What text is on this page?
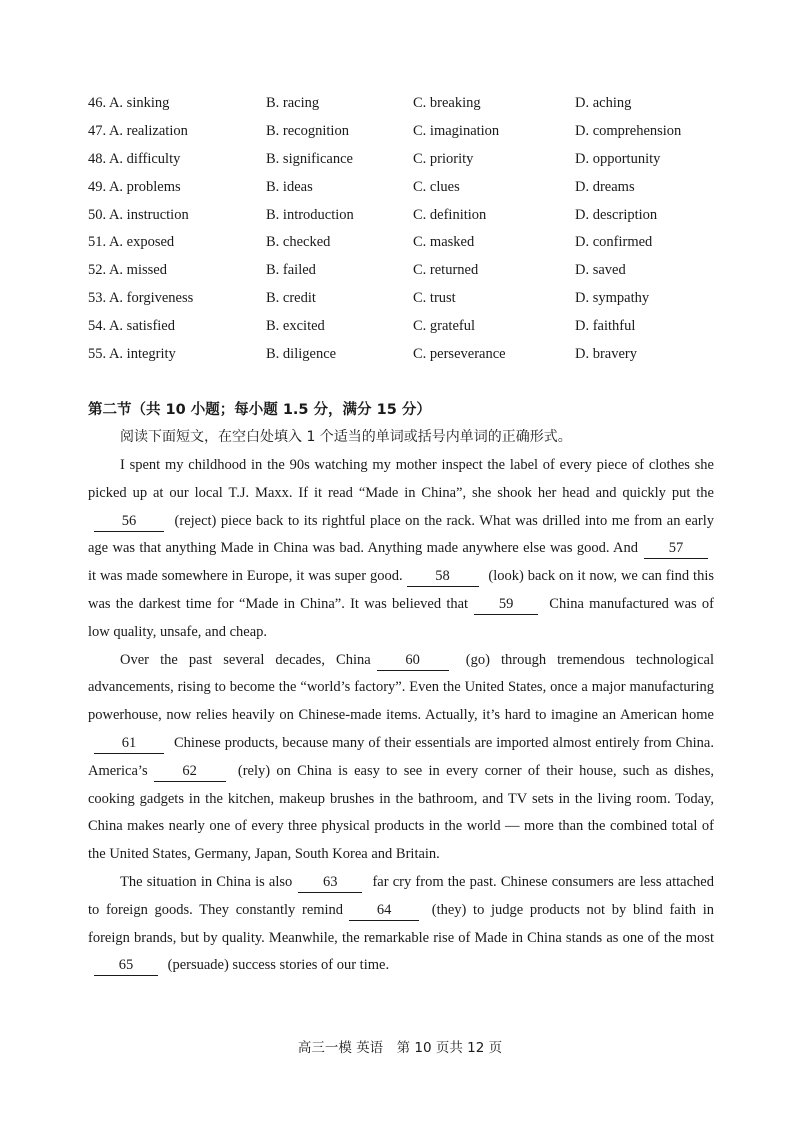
46. A. sinking	B. racing	C. breaking	D. aching
47. A. realization	B. recognition	C. imagination	D. comprehension
48. A. difficulty	B. significance	C. priority	D. opportunity
49. A. problems	B. ideas	C. clues	D. dreams
50. A. instruction	B. introduction	C. definition	D. description
51. A. exposed	B. checked	C. masked	D. confirmed
52. A. missed	B. failed	C. returned	D. saved
53. A. forgiveness	B. credit	C. trust	D. sympathy
54. A. satisfied	B. excited	C. grateful	D. faithful
55. A. integrity	B. diligence	C. perseverance	D. bravery
第二节（共 10 小题；每小题 1.5 分，满分 15 分）
阅读下面短文，在空白处填入 1 个适当的单词或括号内单词的正确形式。

I spent my childhood in the 90s watching my mother inspect the label of every piece of clothes she picked up at our local T.J. Maxx. If it read “Made in China”, she shook her head and quickly put the56 (reject) piece back to its rightful place on the rack. What was drilled into me from an early age was that anything Made in China was bad. Anything made anywhere else was good. And 57 it was made somewhere in Europe, it was super good. 58 (look) back on it now, we can find this was the darkest time for “Made in China”. It was believed that 59 China manufactured was of low quality, unsafe, and cheap.

Over the past several decades, China 60 (go) through tremendous technological advancements, rising to become the “world’s factory”. Even the United States, once a major manufacturing powerhouse, now relies heavily on Chinese-made items. Actually, it’s hard to imagine an American home61 Chinese products, because many of their essentials are imported almost entirely from China. America’s 62 (rely) on China is easy to see in every corner of their house, such as dishes, cooking gadgets in the kitchen, makeup brushes in the bathroom, and TV sets in the living room. Today, China makes nearly one of every three physical products in the world — more than the combined total of the United States, Germany, Japan, South Korea and Britain.

The situation in China is also 63 far cry from the past. Chinese consumers are less attached to foreign goods. They constantly remind 64 (they) to judge products not by blind faith in foreign brands, but by quality. Meanwhile, the remarkable rise of Made in China stands as one of the most65 (persuade) success stories of our time.

高三一模 英语　第 10 页共 12 页
